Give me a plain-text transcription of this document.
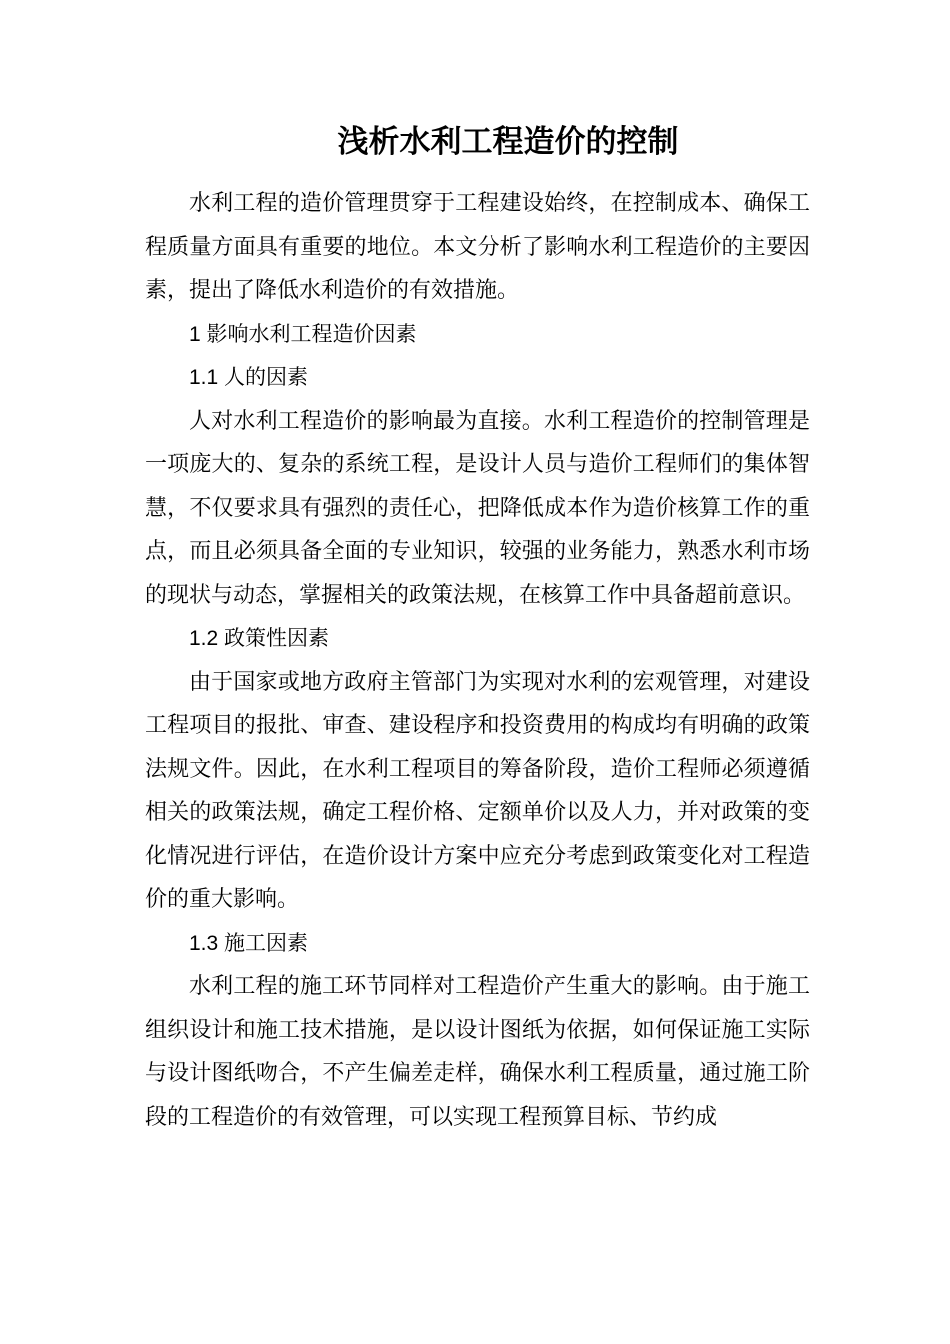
浅析水利工程造价的控制

水利工程的造价管理贯穿于工程建设始终，在控制成本、确保工程质量方面具有重要的地位。本文分析了影响水利工程造价的主要因素，提出了降低水利造价的有效措施。

1 影响水利工程造价因素

1.1 人的因素

人对水利工程造价的影响最为直接。水利工程造价的控制管理是一项庞大的、复杂的系统工程，是设计人员与造价工程师们的集体智慧，不仅要求具有强烈的责任心，把降低成本作为造价核算工作的重点，而且必须具备全面的专业知识，较强的业务能力，熟悉水利市场的现状与动态，掌握相关的政策法规，在核算工作中具备超前意识。

1.2 政策性因素

由于国家或地方政府主管部门为实现对水利的宏观管理，对建设工程项目的报批、审查、建设程序和投资费用的构成均有明确的政策法规文件。因此，在水利工程项目的筹备阶段，造价工程师必须遵循相关的政策法规，确定工程价格、定额单价以及人力，并对政策的变化情况进行评估，在造价设计方案中应充分考虑到政策变化对工程造价的重大影响。

1.3 施工因素

水利工程的施工环节同样对工程造价产生重大的影响。由于施工组织设计和施工技术措施，是以设计图纸为依据，如何保证施工实际与设计图纸吻合，不产生偏差走样，确保水利工程质量，通过施工阶段的工程造价的有效管理，可以实现工程预算目标、节约成
